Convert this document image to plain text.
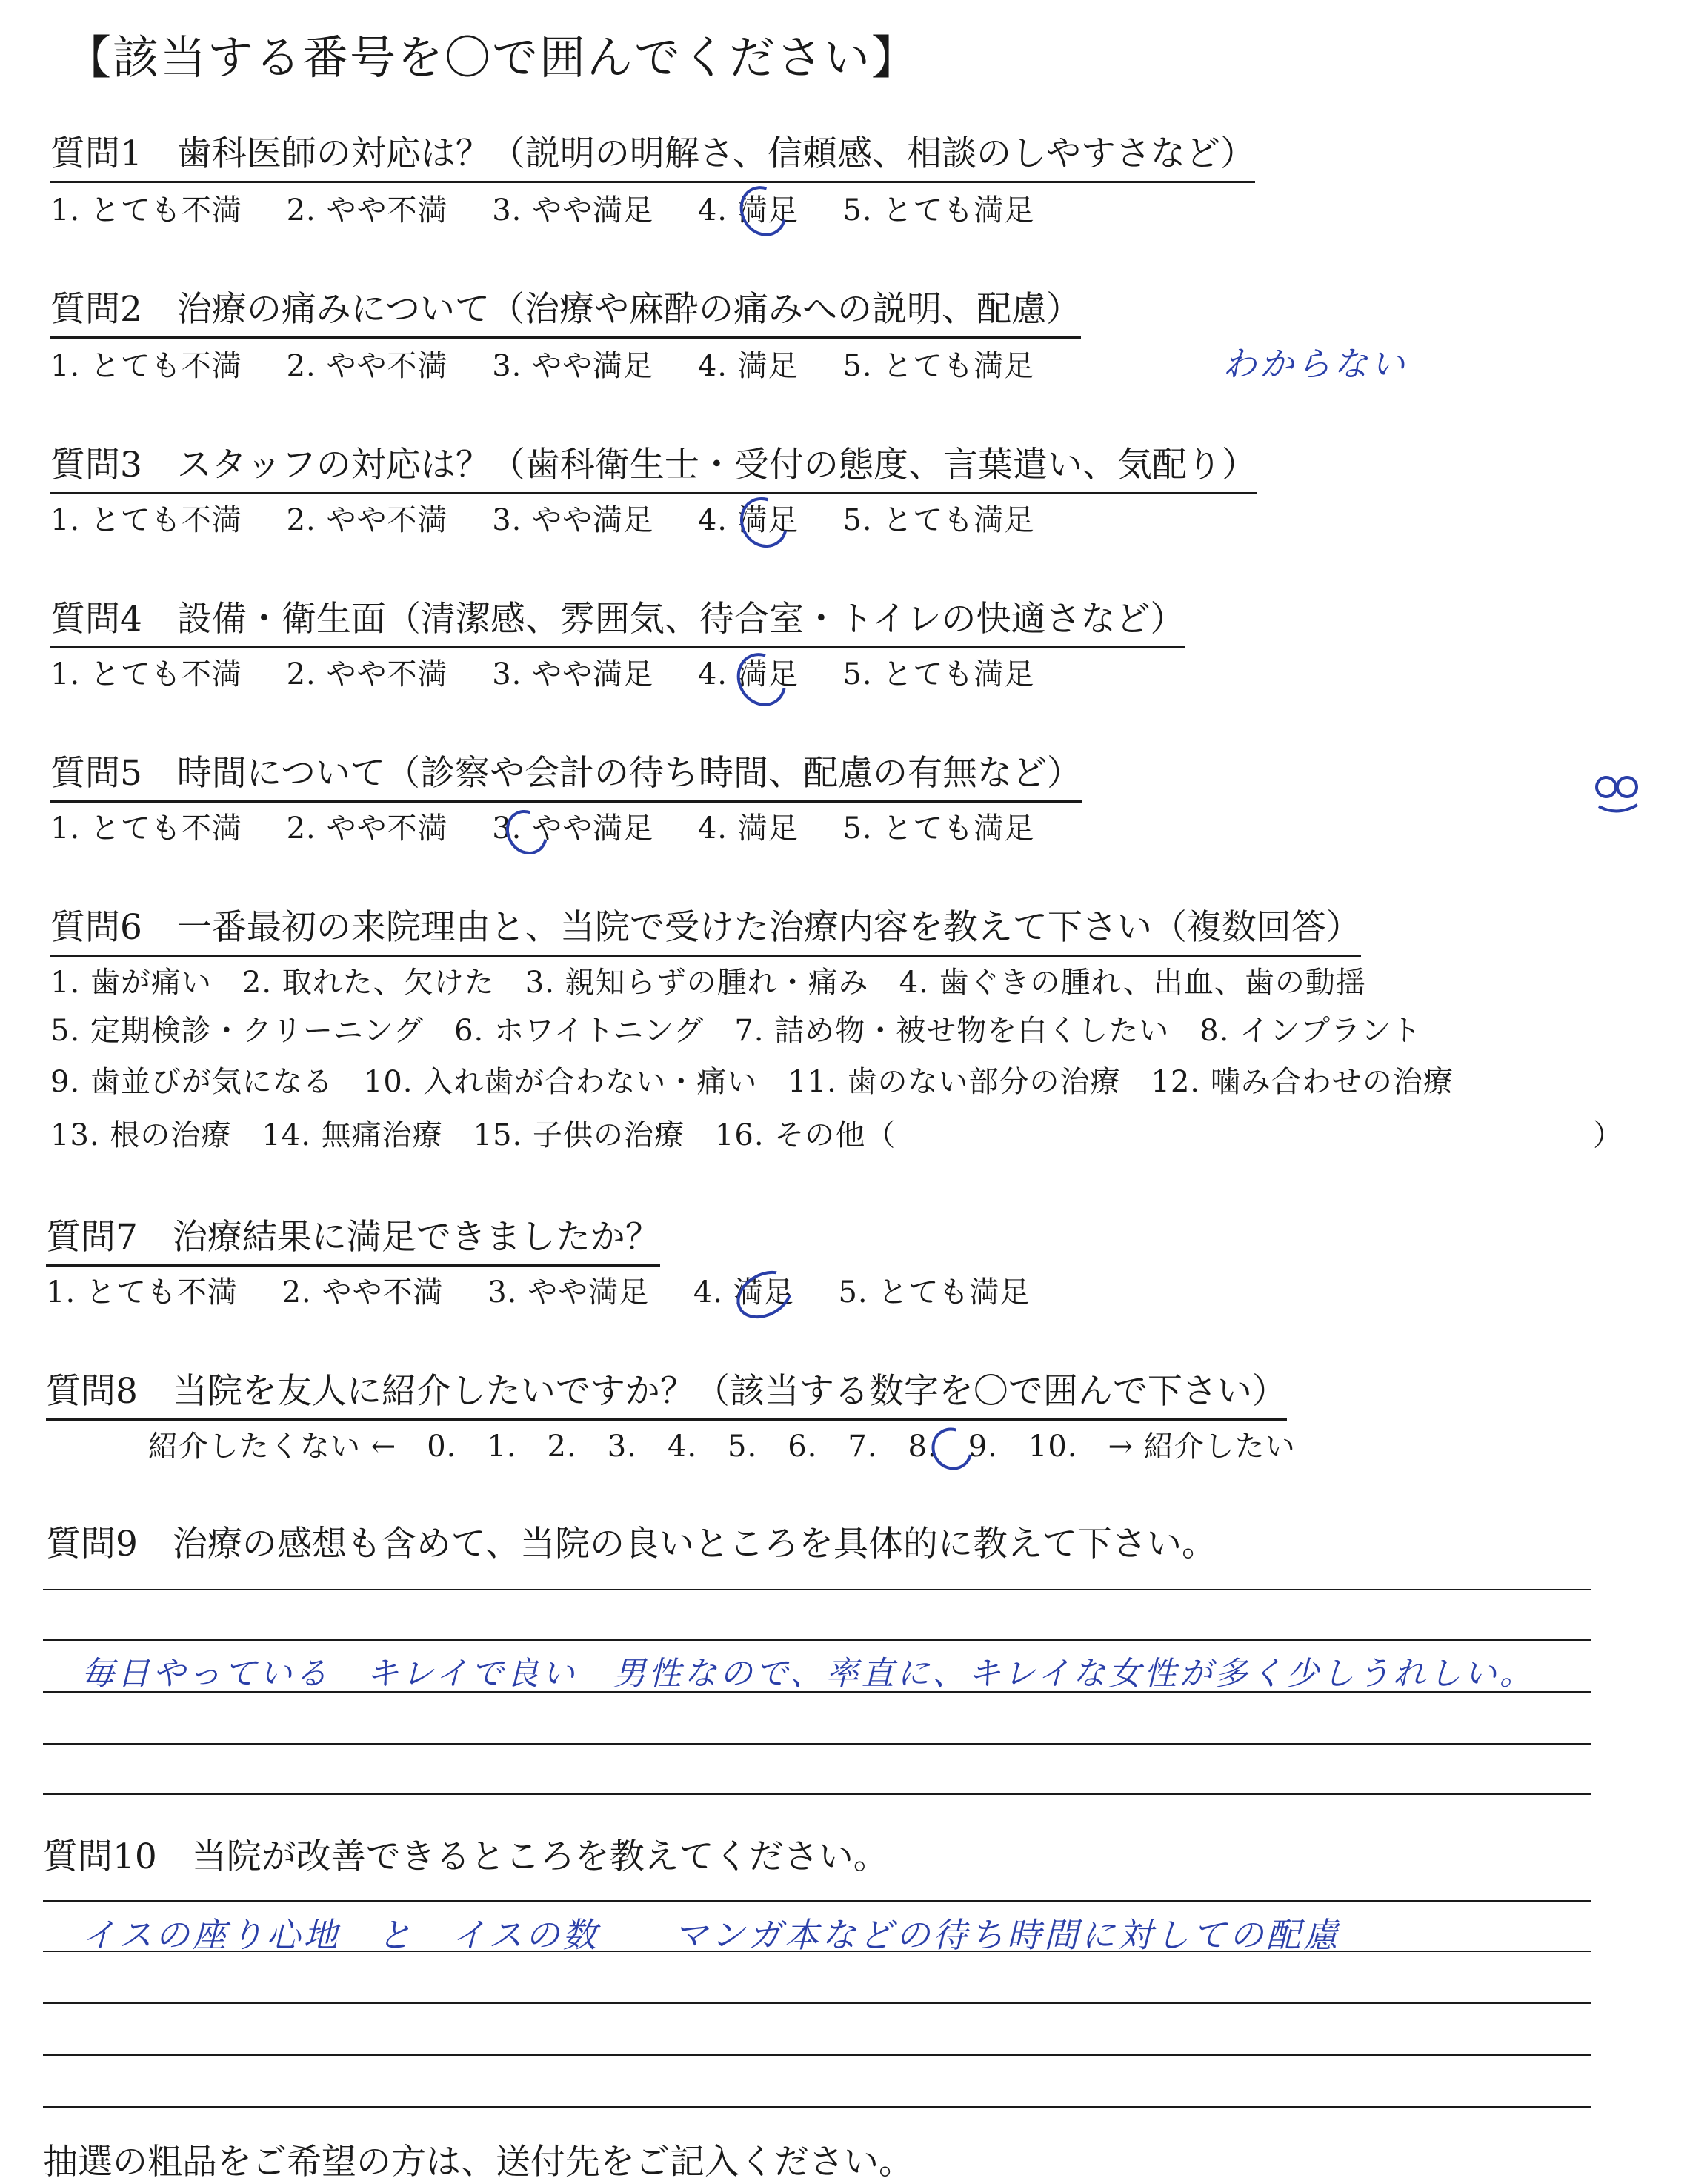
【該当する番号を〇で囲んでください】
質問1　歯科医師の対応は？（説明の明解さ、信頼感、相談のしやすさなど）
1. とても不満 2. やや不満 3. やや満足 4. 満足 5. とても満足
質問2　治療の痛みについて（治療や麻酔の痛みへの説明、配慮）
1. とても不満 2. やや不満 3. やや満足 4. 満足 5. とても満足	わからない
質問3　スタッフの対応は？（歯科衛生士・受付の態度、言葉遣い、気配り）
1. とても不満 2. やや不満 3. やや満足 4. 満足 5. とても満足
質問4　設備・衛生面（清潔感、雰囲気、待合室・トイレの快適さなど）
1. とても不満 2. やや不満 3. やや満足 4. 満足 5. とても満足
質問5　時間について（診察や会計の待ち時間、配慮の有無など）
1. とても不満 2. やや不満 3. やや満足 4. 満足 5. とても満足
質問6　一番最初の来院理由と、当院で受けた治療内容を教えて下さい（複数回答）
1. 歯が痛い　2. 取れた、欠けた　3. 親知らずの腫れ・痛み　4. 歯ぐきの腫れ、出血、歯の動揺
5. 定期検診・クリーニング　6. ホワイトニング　7. 詰め物・被せ物を白くしたい　8. インプラント
9. 歯並びが気になる　10. 入れ歯が合わない・痛い　11. 歯のない部分の治療　12. 噛み合わせの治療
13. 根の治療　14. 無痛治療　15. 子供の治療　16. その他（	）
質問7　治療結果に満足できましたか？
1. とても不満 2. やや不満 3. やや満足 4. 満足 5. とても満足
質問8　当院を友人に紹介したいですか？（該当する数字を〇で囲んで下さい）
紹介したくない ←　0.　1.　2.　3.　4.　5.　6.　7.　8.　9.　10.　→ 紹介したい
質問9　治療の感想も含めて、当院の良いところを具体的に教えて下さい。
毎日やっている　キレイで良い　男性なので、率直に、キレイな女性が多く少しうれしい。
質問10　当院が改善できるところを教えてください。
イスの座り心地　と　イスの数　　マンガ本などの待ち時間に対しての配慮
抽選の粗品をご希望の方は、送付先をご記入ください。
